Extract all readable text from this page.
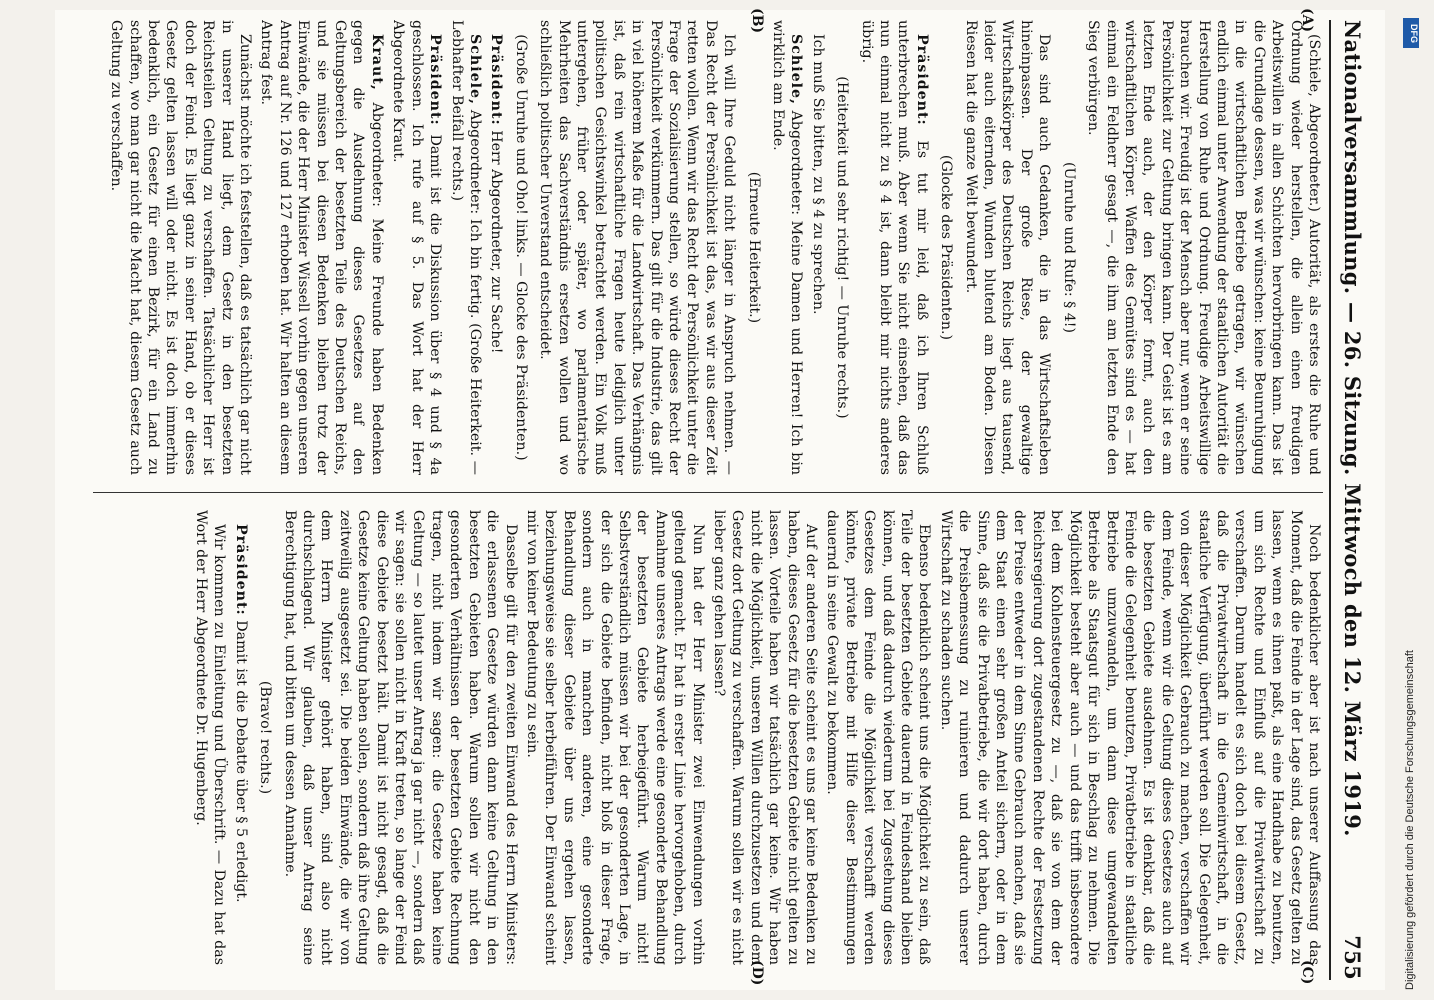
Nationalversammlung. — 26. Sitzung. Mittwoch den 12. März 1919.
755
(A)
(B)
(C)
(D)

(Schiele, Abgeordneter.) Autorität, als erstes die Ruhe und Ordnung wieder herstellen, die allein einen freudigen Arbeitswillen in allen Schichten hervorbringen kann. Das ist die Grundlage dessen, was wir wünschen: keine Beunruhigung in die wirtschaftlichen Betriebe getragen, wir wünschen endlich einmal unter Anwendung der staatlichen Autorität die Herstellung von Ruhe und Ordnung. Freudige Arbeitswillige brauchen wir. Freudig ist der Mensch aber nur, wenn er seine Persönlichkeit zur Geltung bringen kann. Der Geist ist es am letzten Ende auch, der den Körper formt, auch den wirtschaftlichen Körper. Waffen des Gemütes sind es — hat einmal ein Feldherr gesagt —, die ihm am letzten Ende den Sieg verbürgen.

(Unruhe und Rufe: § 4!)

Das sind auch Gedanken, die in das Wirtschaftsleben hineinpassen. Der große Riese, der gewaltige Wirtschaftskörper des Deutschen Reichs liegt aus tausend, leider auch eiternden, Wunden blutend am Boden. Diesen Riesen hat die ganze Welt bewundert.

(Glocke des Präsidenten.)

Präsident: Es tut mir leid, daß ich Ihren Schluß unterbrechen muß. Aber wenn Sie nicht einsehen, daß das nun einmal nicht zu § 4 ist, dann bleibt mir nichts anderes übrig.

(Heiterkeit und sehr richtig! — Unruhe rechts.)

Ich muß Sie bitten, zu § 4 zu sprechen.

Schiele, Abgeordneter: Meine Damen und Herren! Ich bin wirklich am Ende.

(Erneute Heiterkeit.)

Ich will Ihre Geduld nicht länger in Anspruch nehmen. — Das Recht der Persönlichkeit ist das, was wir aus dieser Zeit retten wollen. Wenn wir das Recht der Persönlichkeit unter die Frage der Sozialisierung stellen, so würde dieses Recht der Persönlichkeit verkümmern. Das gilt für die Industrie, das gilt in viel höherem Maße für die Landwirtschaft. Das Verhängnis ist, daß rein wirtschaftliche Fragen heute lediglich unter politischen Gesichtswinkel betrachtet werden. Ein Volk muß untergehen, früher oder später, wo parlamentarische Mehrheiten das Sachverständnis ersetzen wollen und wo schließlich politischer Unverstand entscheidet.

(Große Unruhe und Oho! links. — Glocke des Präsidenten.)

Präsident: Herr Abgeordneter, zur Sache!

Schiele, Abgeordneter: Ich bin fertig. (Große Heiterkeit. — Lebhafter Beifall rechts.)

Präsident: Damit ist die Diskussion über § 4 und § 4a geschlossen. Ich rufe auf § 5. Das Wort hat der Herr Abgeordnete Kraut.

Kraut, Abgeordneter: Meine Freunde haben Bedenken gegen die Ausdehnung dieses Gesetzes auf den Geltungsbereich der besetzten Teile des Deutschen Reichs, und sie müssen bei diesen Bedenken bleiben trotz der Einwände, die der Herr Minister Wissell vorhin gegen unseren Antrag auf Nr. 126 und 127 erhoben hat. Wir halten an diesem Antrag fest.

Zunächst möchte ich feststellen, daß es tatsächlich gar nicht in unserer Hand liegt, dem Gesetz in den besetzten Reichsteilen Geltung zu verschaffen. Tatsächlicher Herr ist doch der Feind. Es liegt ganz in seiner Hand, ob er dieses Gesetz gelten lassen will oder nicht. Es ist doch immerhin bedenklich, ein Gesetz für einen Bezirk, für ein Land zu schaffen, wo man gar nicht die Macht hat, diesem Gesetz auch Geltung zu verschaffen.

Noch bedenklicher aber ist nach unserer Auffassung das Moment, daß die Feinde in der Lage sind, das Gesetz gelten zu lassen, wenn es ihnen paßt, als eine Handhabe zu benutzen, um sich Rechte und Einfluß auf die Privatwirtschaft zu verschaffen. Darum handelt es sich doch bei diesem Gesetz, daß die Privatwirtschaft in die Gemeinwirtschaft, in die staatliche Verfügung, überführt werden soll. Die Gelegenheit, von dieser Möglichkeit Gebrauch zu machen, verschaffen wir dem Feinde, wenn wir die Geltung dieses Gesetzes auch auf die besetzten Gebiete ausdehnen. Es ist denkbar, daß die Feinde die Gelegenheit benutzen, Privatbetriebe in staatliche Betriebe umzuwandeln, um dann diese umgewandelten Betriebe als Staatsgut für sich in Beschlag zu nehmen. Die Möglichkeit besteht aber auch — und das trifft insbesondere bei dem Kohlensteuergesetz zu —, daß sie von dem der Reichsregierung dort zugestandenen Rechte der Festsetzung der Preise entweder in dem Sinne Gebrauch machen, daß sie dem Staat einen sehr großen Anteil sichern, oder in dem Sinne, daß sie die Privatbetriebe, die wir dort haben, durch die Preisbemessung zu ruinieren und dadurch unserer Wirtschaft zu schaden suchen.

Ebenso bedenklich scheint uns die Möglichkeit zu sein, daß Teile der besetzten Gebiete dauernd in Feindeshand bleiben können, und daß dadurch wiederum bei Zugestehung dieses Gesetzes dem Feinde die Möglichkeit verschafft werden könnte, private Betriebe mit Hilfe dieser Bestimmungen dauernd in seine Gewalt zu bekommen.

Auf der anderen Seite scheint es uns gar keine Bedenken zu haben, dieses Gesetz für die besetzten Gebiete nicht gelten zu lassen. Vorteile haben wir tatsächlich gar keine. Wir haben nicht die Möglichkeit, unseren Willen durchzusetzen und dem Gesetz dort Geltung zu verschaffen. Warum sollen wir es nicht lieber ganz gehen lassen?

Nun hat der Herr Minister zwei Einwendungen vorhin geltend gemacht. Er hat in erster Linie hervorgehoben, durch Annahme unseres Antrags werde eine gesonderte Behandlung der besetzten Gebiete herbeigeführt. Warum nicht! Selbstverständlich müssen wir bei der gesonderten Lage, in der sich die Gebiete befinden, nicht bloß in dieser Frage, sondern auch in manchen anderen, eine gesonderte Behandlung dieser Gebiete über uns ergehen lassen, beziehungsweise sie selber herbeiführen. Der Einwand scheint mir von keiner Bedeutung zu sein.

Dasselbe gilt für den zweiten Einwand des Herrn Ministers: die erlassenen Gesetze würden dann keine Geltung in den besetzten Gebieten haben. Warum sollen wir nicht den gesonderten Verhältnissen der besetzten Gebiete Rechnung tragen, nicht indem wir sagen: die Gesetze haben keine Geltung — so lautet unser Antrag ja gar nicht —, sondern daß wir sagen: sie sollen nicht in Kraft treten, so lange der Feind diese Gebiete besetzt hält. Damit ist nicht gesagt, daß die Gesetze keine Geltung haben sollen, sondern daß ihre Geltung zeitweilig ausgesetzt sei. Die beiden Einwände, die wir von dem Herrn Minister gehört haben, sind also nicht durchschlagend. Wir glauben, daß unser Antrag seine Berechtigung hat, und bitten um dessen Annahme.

(Bravo! rechts.)

Präsident: Damit ist die Debatte über § 5 erledigt.

Wir kommen zu Einleitung und Überschrift. — Dazu hat das Wort der Herr Abgeordnete Dr. Hugenberg.	Digitalisierung gefördert durch die Deutsche Forschungsgemeinschaft
DFG
